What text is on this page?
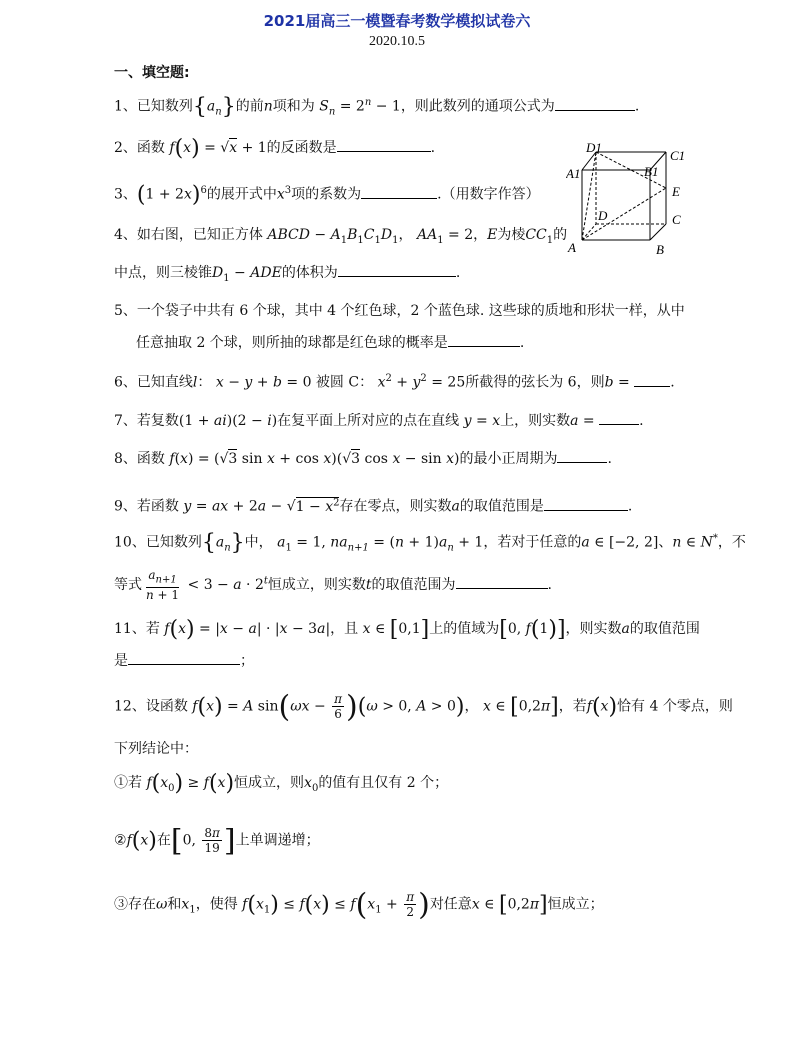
2021届高三一模暨春考数学模拟试卷六
2020.10.5
一、填空题:
1、已知数列$\{a_n\}$的前n项和为 $S_n = 2^n - 1$，则此数列的通项公式为	.
2、函数 f(x) = √x + 1的反函数是	.
3、$(1 + 2x)^6$的展开式中$x^3$项的系数为	.（用数字作答）
4、如右图，已知正方体 ABCD − $A_1B_1C_1D_1$， $AA_1 = 2$，E为棱$CC_1$的
中点，则三棱锥$D_1$ − ADE的体积为	.
D1
C1
A1	B1
E
D	C
A	B
5、一个袋子中共有 6 个球，其中 4 个红色球，2 个蓝色球. 这些球的质地和形状一样，从中
任意抽取 2 个球，则所抽的球都是红色球的概率是	.
6、已知直线l： x − y + b = 0 被圆 C： $x^2 + y^2 = 25$所截得的弦长为 6，则b =	.
7、若复数(1 + ai)(2 − i)在复平面上所对应的点在直线 y = x上，则实数a =	.
8、函数 f(x) = (√3 sin x + cos x)(√3 cos x − sin x)的最小正周期为	.
9、若函数 y = ax + $2a - √1 - x^2$存在零点，则实数a的取值范围是	.
10、已知数列$\{a_n\}$中， $a_1 = 1$, $na_{n+1} = (n + 1)a_n + 1$，若对于任意的a ∈ [−2, 2]、n ∈ N*，不
等式 $\frac{a_{n+1}}{n + 1} < 3 - a \cdot 2^t$恒成立，则实数t的取值范围为	.
11、若 f(x) = |x − a| · |x − 3a|，且 x ∈ [0,1]上的值域为[0, f(1)]，则实数a的取值范围
是	；
12、设函数 f(x) = A $\sin(\omega x - \frac{\pi}{6} )(\omega > 0$, A > 0)， x ∈ [0,2π]，若f(x)恰有 4 个零点，则
下列结论中：
①若 $f(x_0) \ge f(x)$恒成立，则$x_0$的值有且仅有 2 个；
②f(x)在[0, $\frac{8\pi}{19}$ ]上单调递增；
③存在ω和$x_1$，使得 $f(x_1) \le f(x) \le f(x_1 + \frac{\pi}{2}$ )对任意x ∈ [0,2π]恒成立；
